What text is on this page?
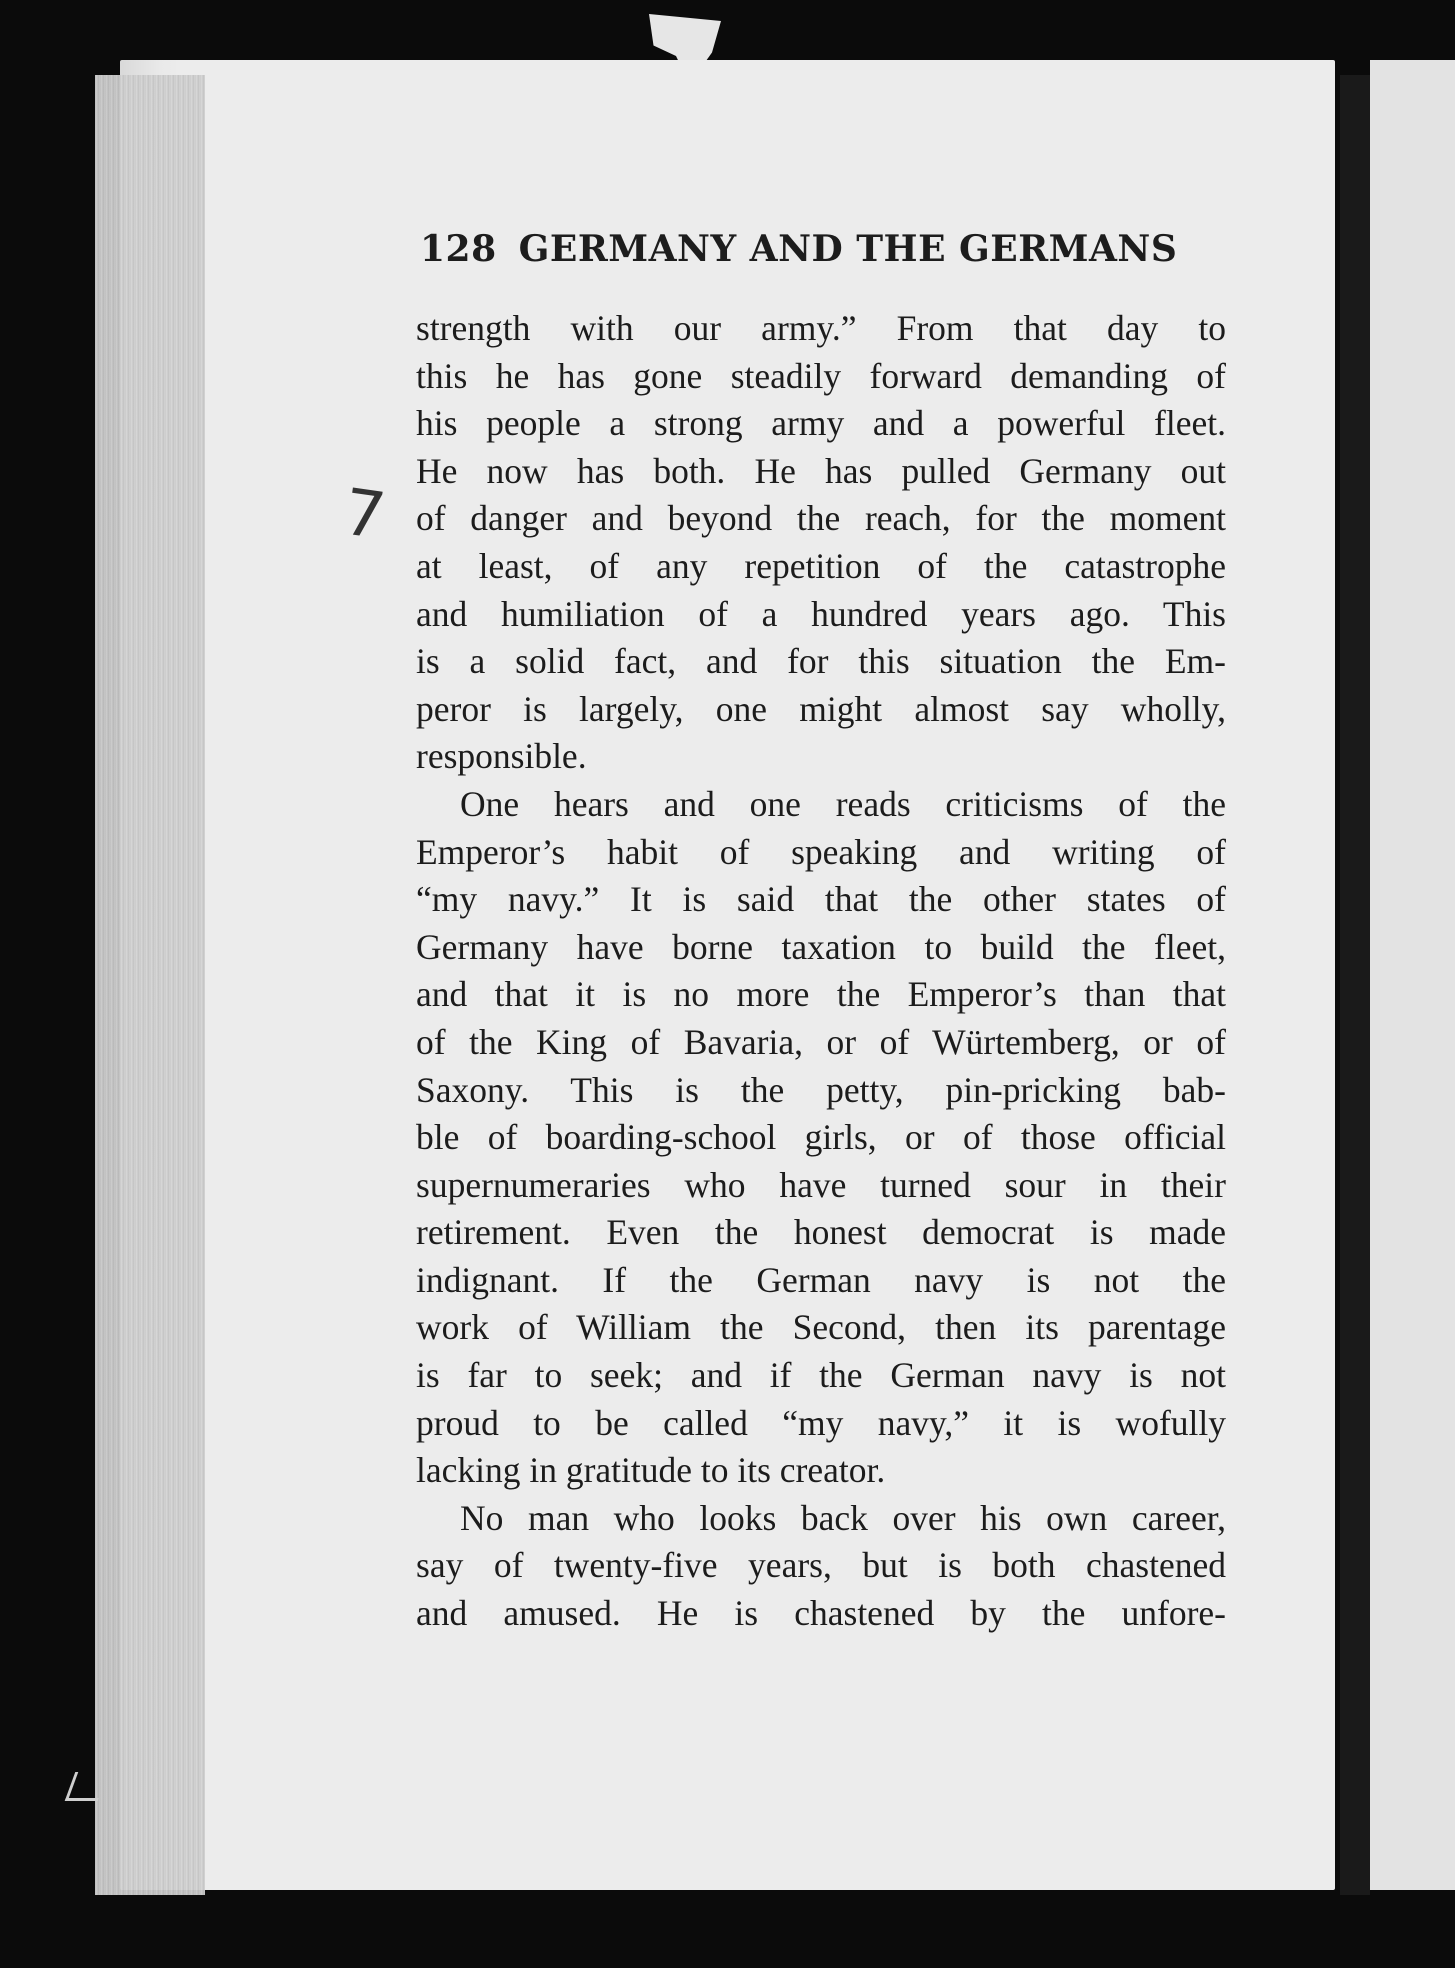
128 GERMANY AND THE GERMANS
7
strength with our army.” From that day to
this he has gone steadily forward demanding of
his people a strong army and a powerful fleet.
He now has both. He has pulled Germany out
of danger and beyond the reach, for the moment
at least, of any repetition of the catastrophe
and humiliation of a hundred years ago. This
is a solid fact, and for this situation the Em-
peror is largely, one might almost say wholly,
responsible.
One hears and one reads criticisms of the
Emperor’s habit of speaking and writing of
“my navy.” It is said that the other states of
Germany have borne taxation to build the fleet,
and that it is no more the Emperor’s than that
of the King of Bavaria, or of Würtemberg, or of
Saxony. This is the petty, pin-pricking bab-
ble of boarding-school girls, or of those official
supernumeraries who have turned sour in their
retirement. Even the honest democrat is made
indignant. If the German navy is not the
work of William the Second, then its parentage
is far to seek; and if the German navy is not
proud to be called “my navy,” it is wofully
lacking in gratitude to its creator.
No man who looks back over his own career,
say of twenty-five years, but is both chastened
and amused. He is chastened by the unfore-
